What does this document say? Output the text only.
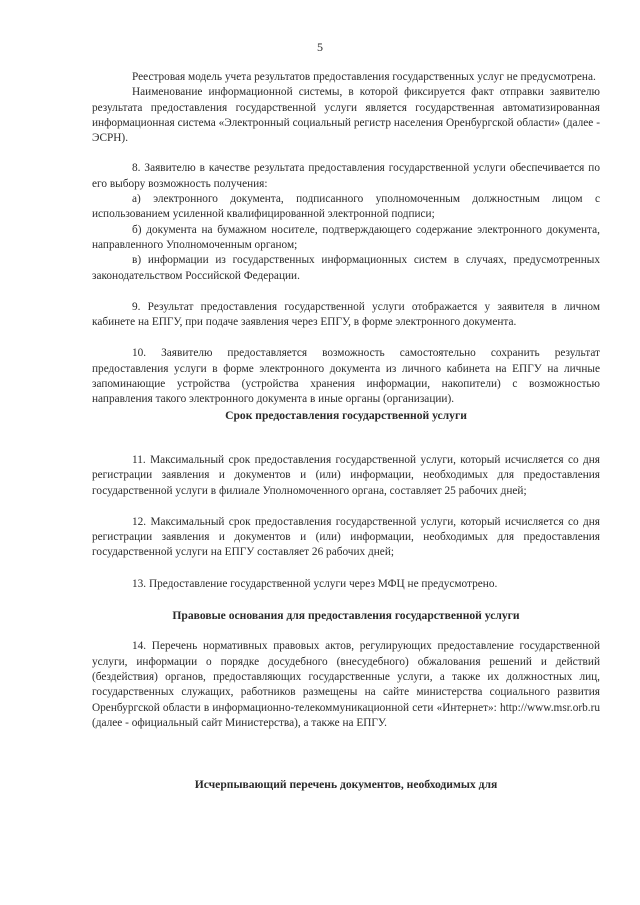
5

Реестровая модель учета результатов предоставления государственных услуг не предусмотрена.

Наименование информационной системы, в которой фиксируется факт отправки заявителю результата предоставления государственной услуги является государственная автоматизированная информационная система «Электронный социальный регистр населения Оренбургской области» (далее - ЭСРН).

8. Заявителю в качестве результата предоставления государственной услуги обеспечивается по его выбору возможность получения:

а) электронного документа, подписанного уполномоченным должностным лицом с использованием усиленной квалифицированной электронной подписи;

б) документа на бумажном носителе, подтверждающего содержание электронного документа, направленного Уполномоченным органом;

в) информации из государственных информационных систем в случаях, предусмотренных законодательством Российской Федерации.

9. Результат предоставления государственной услуги отображается у заявителя в личном кабинете на ЕПГУ, при подаче заявления через ЕПГУ, в форме электронного документа.

10. Заявителю предоставляется возможность самостоятельно сохранить результат предоставления услуги в форме электронного документа из личного кабинета на ЕПГУ на личные запоминающие устройства (устройства хранения информации, накопители) с возможностью направления такого электронного документа в иные органы (организации).

Срок предоставления государственной услуги

11. Максимальный срок предоставления государственной услуги, который исчисляется со дня регистрации заявления и документов и (или) информации, необходимых для предоставления государственной услуги в филиале Уполномоченного органа, составляет 25 рабочих дней;

12. Максимальный срок предоставления государственной услуги, который исчисляется со дня регистрации заявления и документов и (или) информации, необходимых для предоставления государственной услуги на ЕПГУ составляет 26 рабочих дней;

13. Предоставление государственной услуги через МФЦ не предусмотрено.

Правовые основания для предоставления государственной услуги

14. Перечень нормативных правовых актов, регулирующих предоставление государственной услуги, информации о порядке досудебного (внесудебного) обжалования решений и действий (бездействия) органов, предоставляющих государственные услуги, а также их должностных лиц, государственных служащих, работников размещены на сайте министерства социального развития Оренбургской области в информационно-телекоммуникационной сети «Интернет»: http://www.msr.orb.ru (далее - официальный сайт Министерства), а также на ЕПГУ.

Исчерпывающий перечень документов, необходимых для
